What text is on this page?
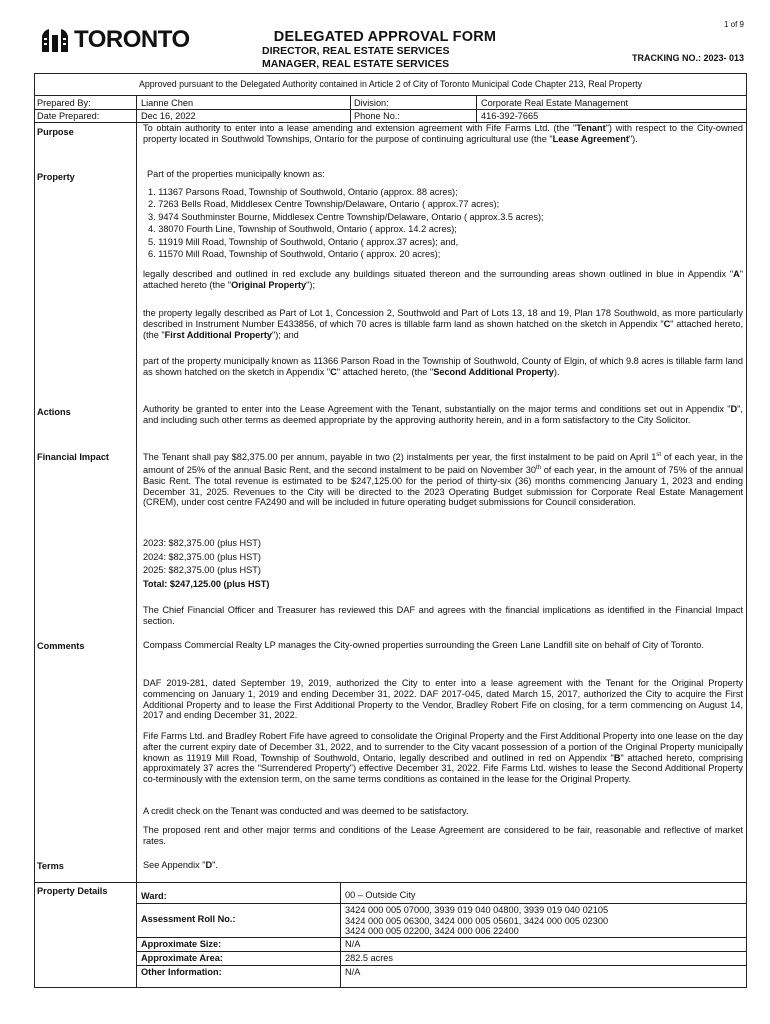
1 of 9
TORONTO	DELEGATED APPROVAL FORM
DIRECTOR, REAL ESTATE SERVICES
MANAGER, REAL ESTATE SERVICES	TRACKING NO.: 2023- 013
Approved pursuant to the Delegated Authority contained in Article 2 of City of Toronto Municipal Code Chapter 213, Real Property
Prepared By:	Lianne Chen	Division:	Corporate Real Estate Management
Date Prepared:	Dec 16, 2022	Phone No.:	416-392-7665
Purpose	To obtain authority to enter into a lease amending and extension agreement with Fife Farms Ltd. (the "Tenant") with respect to the City-owned property located in Southwold Townships, Ontario for the purpose of continuing agricultural use (the "Lease Agreement").
Property	Part of the properties municipally known as:
1. 11367 Parsons Road, Township of Southwold, Ontario (approx. 88 acres);
2. 7263 Bells Road, Middlesex Centre Township/Delaware, Ontario ( approx.77 acres);
3. 9474 Southminster Bourne, Middlesex Centre Township/Delaware, Ontario ( approx.3.5 acres);
4. 38070 Fourth Line, Township of Southwold, Ontario ( approx. 14.2 acres);
5. 11919 Mill Road, Township of Southwold, Ontario ( approx.37 acres); and,
6. 11570 Mill Road, Township of Southwold, Ontario ( approx. 20 acres);
legally described and outlined in red exclude any buildings situated thereon and the surrounding areas shown outlined in blue in Appendix "A" attached hereto (the "Original Property");
the property legally described as Part of Lot 1, Concession 2, Southwold and Part of Lots 13, 18 and 19, Plan 178 Southwold, as more particularly described in Instrument Number E433856, of which 70 acres is tillable farm land as shown hatched on the sketch in Appendix "C" attached hereto, (the "First Additional Property"); and
part of the property municipally known as 11366 Parson Road in the Township of Southwold, County of Elgin, of which 9.8 acres is tillable farm land as shown hatched on the sketch in Appendix "C" attached hereto, (the "Second Additional Property).
Actions	Authority be granted to enter into the Lease Agreement with the Tenant, substantially on the major terms and conditions set out in Appendix "D", and including such other terms as deemed appropriate by the approving authority herein, and in a form satisfactory to the City Solicitor.
Financial Impact	The Tenant shall pay $82,375.00 per annum, payable in two (2) instalments per year, the first instalment to be paid on April 1st of each year, in the amount of 25% of the annual Basic Rent, and the second instalment to be paid on November 30th of each year, in the amount of 75% of the annual Basic Rent. The total revenue is estimated to be $247,125.00 for the period of thirty-six (36) months commencing January 1, 2023 and ending December 31, 2025. Revenues to the City will be directed to the 2023 Operating Budget submission for Corporate Real Estate Management (CREM), under cost centre FA2490 and will be included in future operating budget submissions for Council consideration.
2023: $82,375.00 (plus HST)
2024: $82,375.00 (plus HST)
2025: $82,375.00 (plus HST)
Total: $247,125.00 (plus HST)
The Chief Financial Officer and Treasurer has reviewed this DAF and agrees with the financial implications as identified in the Financial Impact section.
Comments	Compass Commercial Realty LP manages the City-owned properties surrounding the Green Lane Landfill site on behalf of City of Toronto.
DAF 2019-281, dated September 19, 2019, authorized the City to enter into a lease agreement with the Tenant for the Original Property commencing on January 1, 2019 and ending December 31, 2022. DAF 2017-045, dated March 15, 2017, authorized the City to acquire the First Additional Property and to lease the First Additional Property to the Vendor, Bradley Robert Fife on closing, for a term commencing on August 14, 2017 and ending December 31, 2022.
Fife Farms Ltd. and Bradley Robert Fife have agreed to consolidate the Original Property and the First Additional Property into one lease on the day after the current expiry date of December 31, 2022, and to surrender to the City vacant possession of a portion of the Original Property municipally known as 11919 Mill Road, Township of Southwold, Ontario, legally described and outlined in red on Appendix "B" attached hereto, comprising approximately 37 acres the "Surrendered Property") effective December 31, 2022. Fife Farms Ltd. wishes to lease the Second Additional Property co-terminously with the extension term, on the same terms conditions as contained in the lease for the Original Property.
A credit check on the Tenant was conducted and was deemed to be satisfactory.
The proposed rent and other major terms and conditions of the Lease Agreement are considered to be fair, reasonable and reflective of market rates.
Terms	See Appendix "D".
Property Details	Ward:	00 – Outside City
Assessment Roll No.:
3424 000 005 07000, 3939 019 040 04800, 3939 019 040 02105
3424 000 005 06300, 3424 000 005 05601, 3424 000 005 02300
3424 000 005 02200, 3424 000 006 22400
Approximate Size:	N/A
Approximate Area:	282.5 acres
Other Information:	N/A
